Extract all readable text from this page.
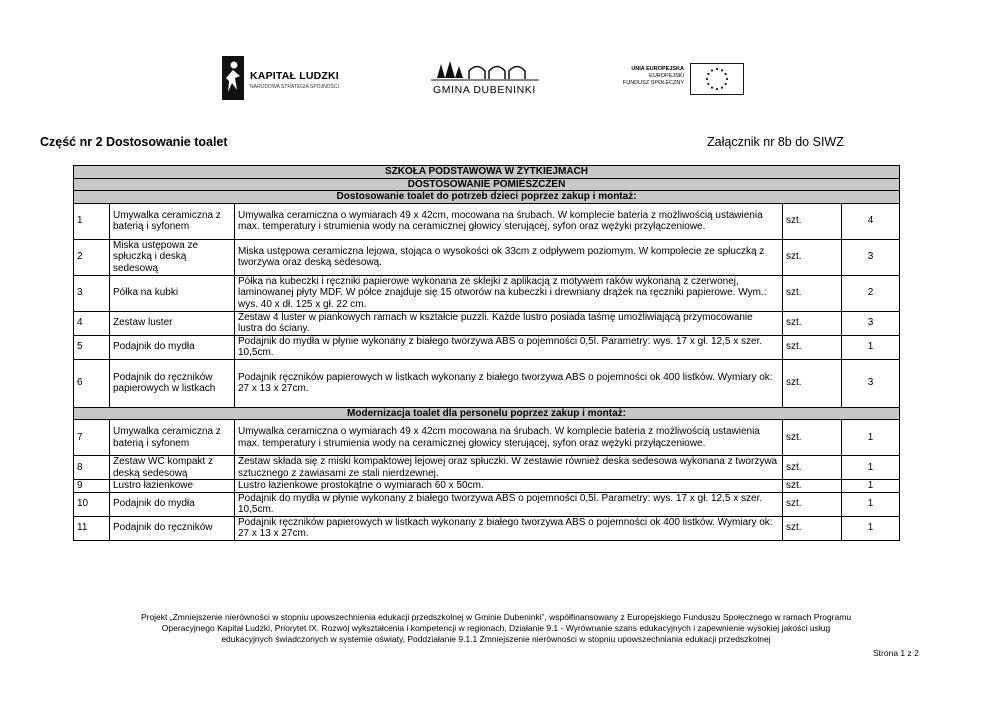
KAPITAŁ LUDZKI
NARODOWA STRATEGIA SPÓJNOŚCI	GMINA DUBENINKI
UNIA EUROPEJSKA
EUROPEJSKI
FUNDUSZ SPOŁECZNY
Część nr 2 Dostosowanie toalet	Załącznik nr 8b do SIWZ
SZKOŁA PODSTAWOWA W ŻYTKIEJMACH				
DOSTOSOWANIE POMIESZCZEŃ				
Dostosowanie toalet do potrzeb dzieci poprzez zakup i montaż:				
1	Umywalka ceramiczna z baterią i syfonem	Umywalka ceramiczna o wymiarach 49 x 42cm, mocowana na śrubach. W komplecie bateria z możliwością ustawienia max. temperatury i strumienia wody na ceramicznej głowicy sterującej, syfon oraz wężyki przyłączeniowe.	szt.	4
2	Miska ustępowa ze spłuczką i deską sedesową	Miska ustępowa ceramiczna lejowa, stojąca o wysokości ok 33cm z odpływem poziomym. W kompolecie ze spłuczką z tworzywa oraz deską sedesową.	szt.	3
3	Półka na kubki	Półka na kubeczki i ręczniki papierowe wykonana ze sklejki z aplikacją z motywem raków wykonaną z czerwonej, laminowanej płyty MDF. W półce znajduje się 15 otworów na kubeczki i drewniany drążek na ręczniki papierowe. Wym.: wys. 40 x dł. 125 x gł. 22 cm.	szt.	2
4	Zestaw luster	Zestaw 4 luster w piankowych ramach w kształcie puzzli. Każde lustro posiada taśmę umożliwiającą przymocowanie lustra do ściany.	szt.	3
5	Podajnik do mydła	Podajnik do mydła w płynie wykonany z białego tworzywa ABS o pojemności 0,5l. Parametry: wys. 17 x gł. 12,5 x szer. 10,5cm.	szt.	1
6	Podajnik do ręczników papierowych w listkach	Podajnik ręczników papierowych w listkach wykonany z białego tworzywa ABS o pojemności ok 400 listków. Wymiary ok: 27 x 13 x 27cm.	szt.	3
Modernizacja toalet dla personelu poprzez zakup i montaż:				
7	Umywalka ceramiczna z baterią i syfonem	Umywalka ceramiczna o wymiarach 49 x 42cm mocowana na śrubach. W komplecie bateria z możliwością ustawienia max. temperatury i strumienia wody na ceramicznej głowicy sterującej, syfon oraz wężyki przyłączeniowe.	szt.	1
8	Zestaw WC kompakt z deską sedesową	Zestaw składa się z miski kompaktowej lejowej oraz spłuczki. W zestawie również deska sedesowa wykonana z tworzywa sztucznego z zawiasami ze stali nierdzewnej.	szt.	1
9	Lustro łazienkowe	Lustro łazienkowe prostokątne o wymiarach 60 x 50cm.	szt.	1
10	Podajnik do mydła	Podajnik do mydła w płynie wykonany z białego tworzywa ABS o pojemności 0,5l. Parametry: wys. 17 x gł. 12,5 x szer. 10,5cm.	szt.	1
11	Podajnik do ręczników	Podajnik ręczników papierowych w listkach wykonany z białego tworzywa ABS o pojemności ok 400 listków. Wymiary ok: 27 x 13 x 27cm.	szt.	1
Projekt „Zmniejszenie nierówności w stopniu upowszechnienia edukacji przedszkolnej w Gminie Dubeninki”, współfinansowany z Europejskiego Funduszu Społecznego w ramach Programu
Operacyjnego Kapitał Ludzki, Priorytet IX. Rozwój wykształcenia i kompetencji w regionach, Działanie 9.1 - Wyrównanie szans edukacyjnych i zapewnienie wysokiej jakości usług
edukacyjnych świadczonych w systemie oświaty, Poddziałanie 9.1.1 Zmniejszenie nierówności w stopniu upowszechniania edukacji przedszkolnej
Strona 1 z 2
